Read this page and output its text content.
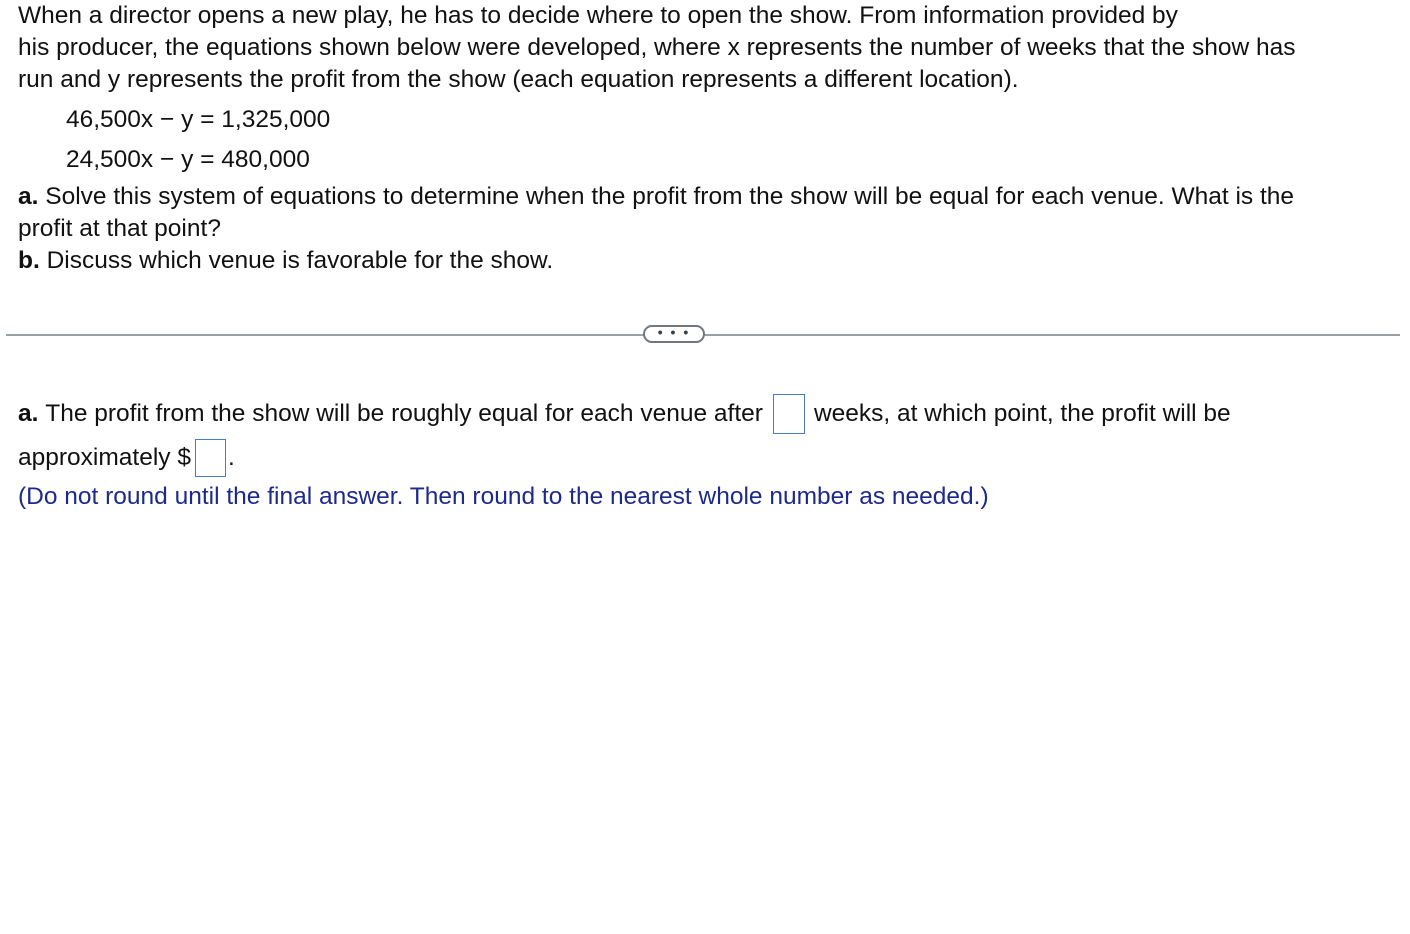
When a director opens a new play, he has to decide where to open the show. From information provided by
his producer, the equations shown below were developed, where x represents the number of weeks that the show has
run and y represents the profit from the show (each equation represents a different location).
46,500x − y = 1,325,000
24,500x − y = 480,000
a. Solve this system of equations to determine when the profit from the show will be equal for each venue. What is the
profit at that point?
b. Discuss which venue is favorable for the show.
• • •
a.
The profit from the show will be roughly equal for each venue after weeks, at which point, the profit will be
approximately $ .
(Do not round until the final answer. Then round to the nearest whole number as needed.)
